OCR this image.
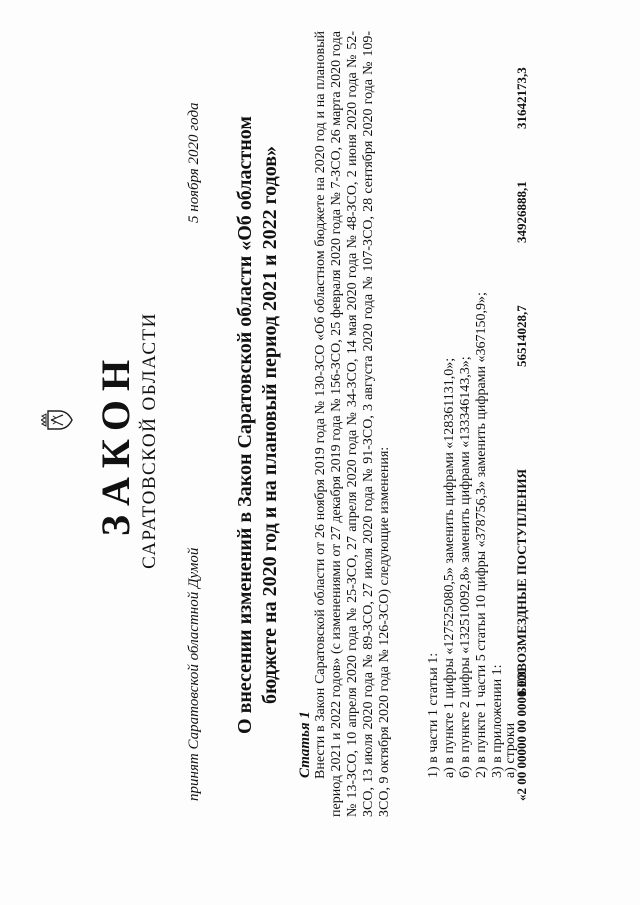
ЗАКОН САРАТОВСКОЙ ОБЛАСТИ
принят Саратовской областной Думой
5 ноября 2020 года О внесении изменений в Закон Саратовской области «Об областном бюджете на 2020 год и на плановый период 2021 и 2022 годов»
Статья 1 Внести в Закон Саратовской области от 26 ноября 2019 года № 130-ЗСО «Об областном бюджете на 2020 год и на плановый период 2021 и 2022 годов» (с изменениями от 27 декабря 2019 года № 156-ЗСО, 25 февраля 2020 года № 7-ЗСО, 26 марта 2020 года № 13-ЗСО, 10 апреля 2020 года № 25-ЗСО, 27 апреля 2020 года № 34-ЗСО, 14 мая 2020 года № 48-ЗСО, 2 июня 2020 года № 52-ЗСО, 13 июля 2020 года № 89-ЗСО, 27 июля 2020 года № 91-ЗСО, 3 августа 2020 года № 107-ЗСО, 28 сентября 2020 года № 109-ЗСО, 9 октября 2020 года № 126-ЗСО) следующие изменения: 1) в части 1 статьи 1: а) в пункте 1 цифры «127525080,5» заменить цифрами «128361131,0»; б) в пункте 2 цифры «132510092,8» заменить цифрами «133346143,3»; 2) в пункте 1 части 5 статьи 10 цифры «378756,3» заменить цифрами «367150,9»; 3) в приложении 1:
а) строки
«2 00 00000 00 0000 000
БЕЗВОЗМЕЗДНЫЕ ПОСТУПЛЕНИЯ
56514028,7
34926888,1
31642173,3
